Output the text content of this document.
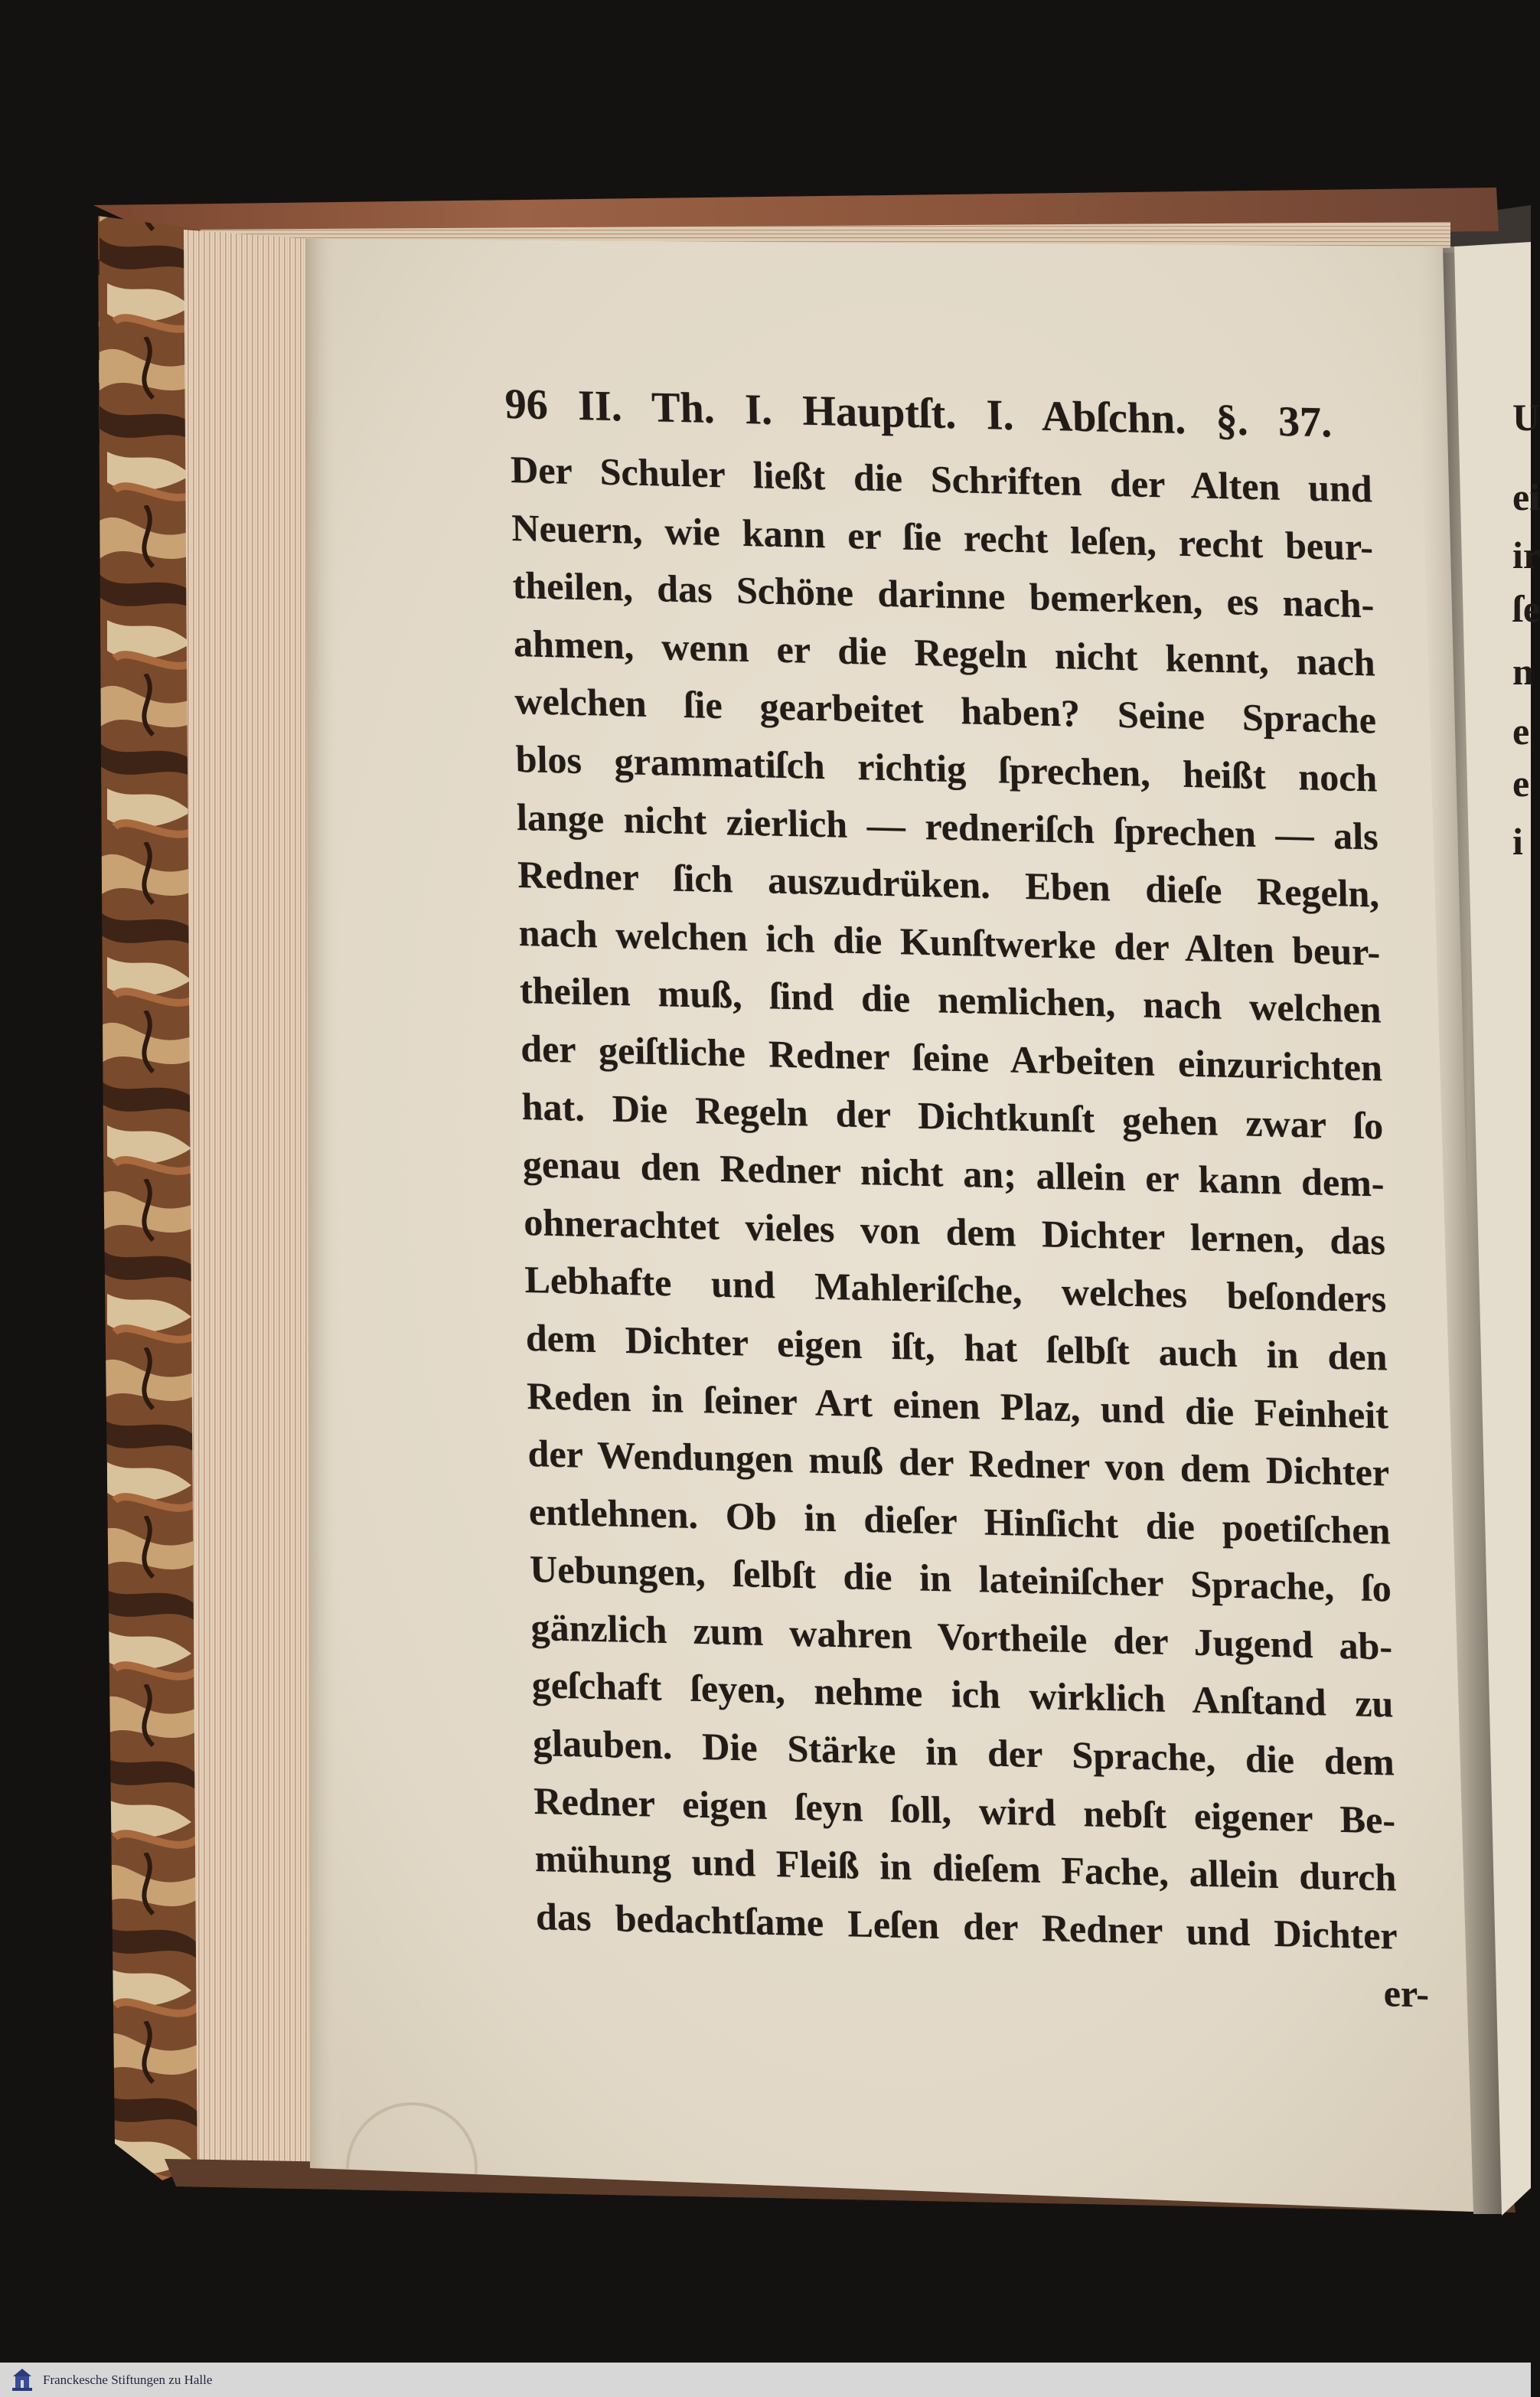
96 II. Th. I. Hauptſt. I. Abſchn. §. 37.
Der Schuler ließt die Schriften der Alten und
Neuern, wie kann er ſie recht leſen, recht beur-
theilen, das Schöne darinne bemerken, es nach-
ahmen, wenn er die Regeln nicht kennt, nach
welchen ſie gearbeitet haben? Seine Sprache
blos grammatiſch richtig ſprechen, heißt noch
lange nicht zierlich — redneriſch ſprechen — als
Redner ſich auszudrüken. Eben dieſe Regeln,
nach welchen ich die Kunſtwerke der Alten beur-
theilen muß, ſind die nemlichen, nach welchen
der geiſtliche Redner ſeine Arbeiten einzurichten
hat. Die Regeln der Dichtkunſt gehen zwar ſo
genau den Redner nicht an; allein er kann dem-
ohnerachtet vieles von dem Dichter lernen, das
Lebhafte und Mahleriſche, welches beſonders
dem Dichter eigen iſt, hat ſelbſt auch in den
Reden in ſeiner Art einen Plaz, und die Feinheit
der Wendungen muß der Redner von dem Dichter
entlehnen. Ob in dieſer Hinſicht die poetiſchen
Uebungen, ſelbſt die in lateiniſcher Sprache, ſo
gänzlich zum wahren Vortheile der Jugend ab-
geſchaft ſeyen, nehme ich wirklich Anſtand zu
glauben. Die Stärke in der Sprache, die dem
Redner eigen ſeyn ſoll, wird nebſt eigener Be-
mühung und Fleiß in dieſem Fache, allein durch
das bedachtſame Leſen der Redner und Dichter
er-
U
ei
ir
ſe
n
e
e
i
Franckesche Stiftungen zu Halle
